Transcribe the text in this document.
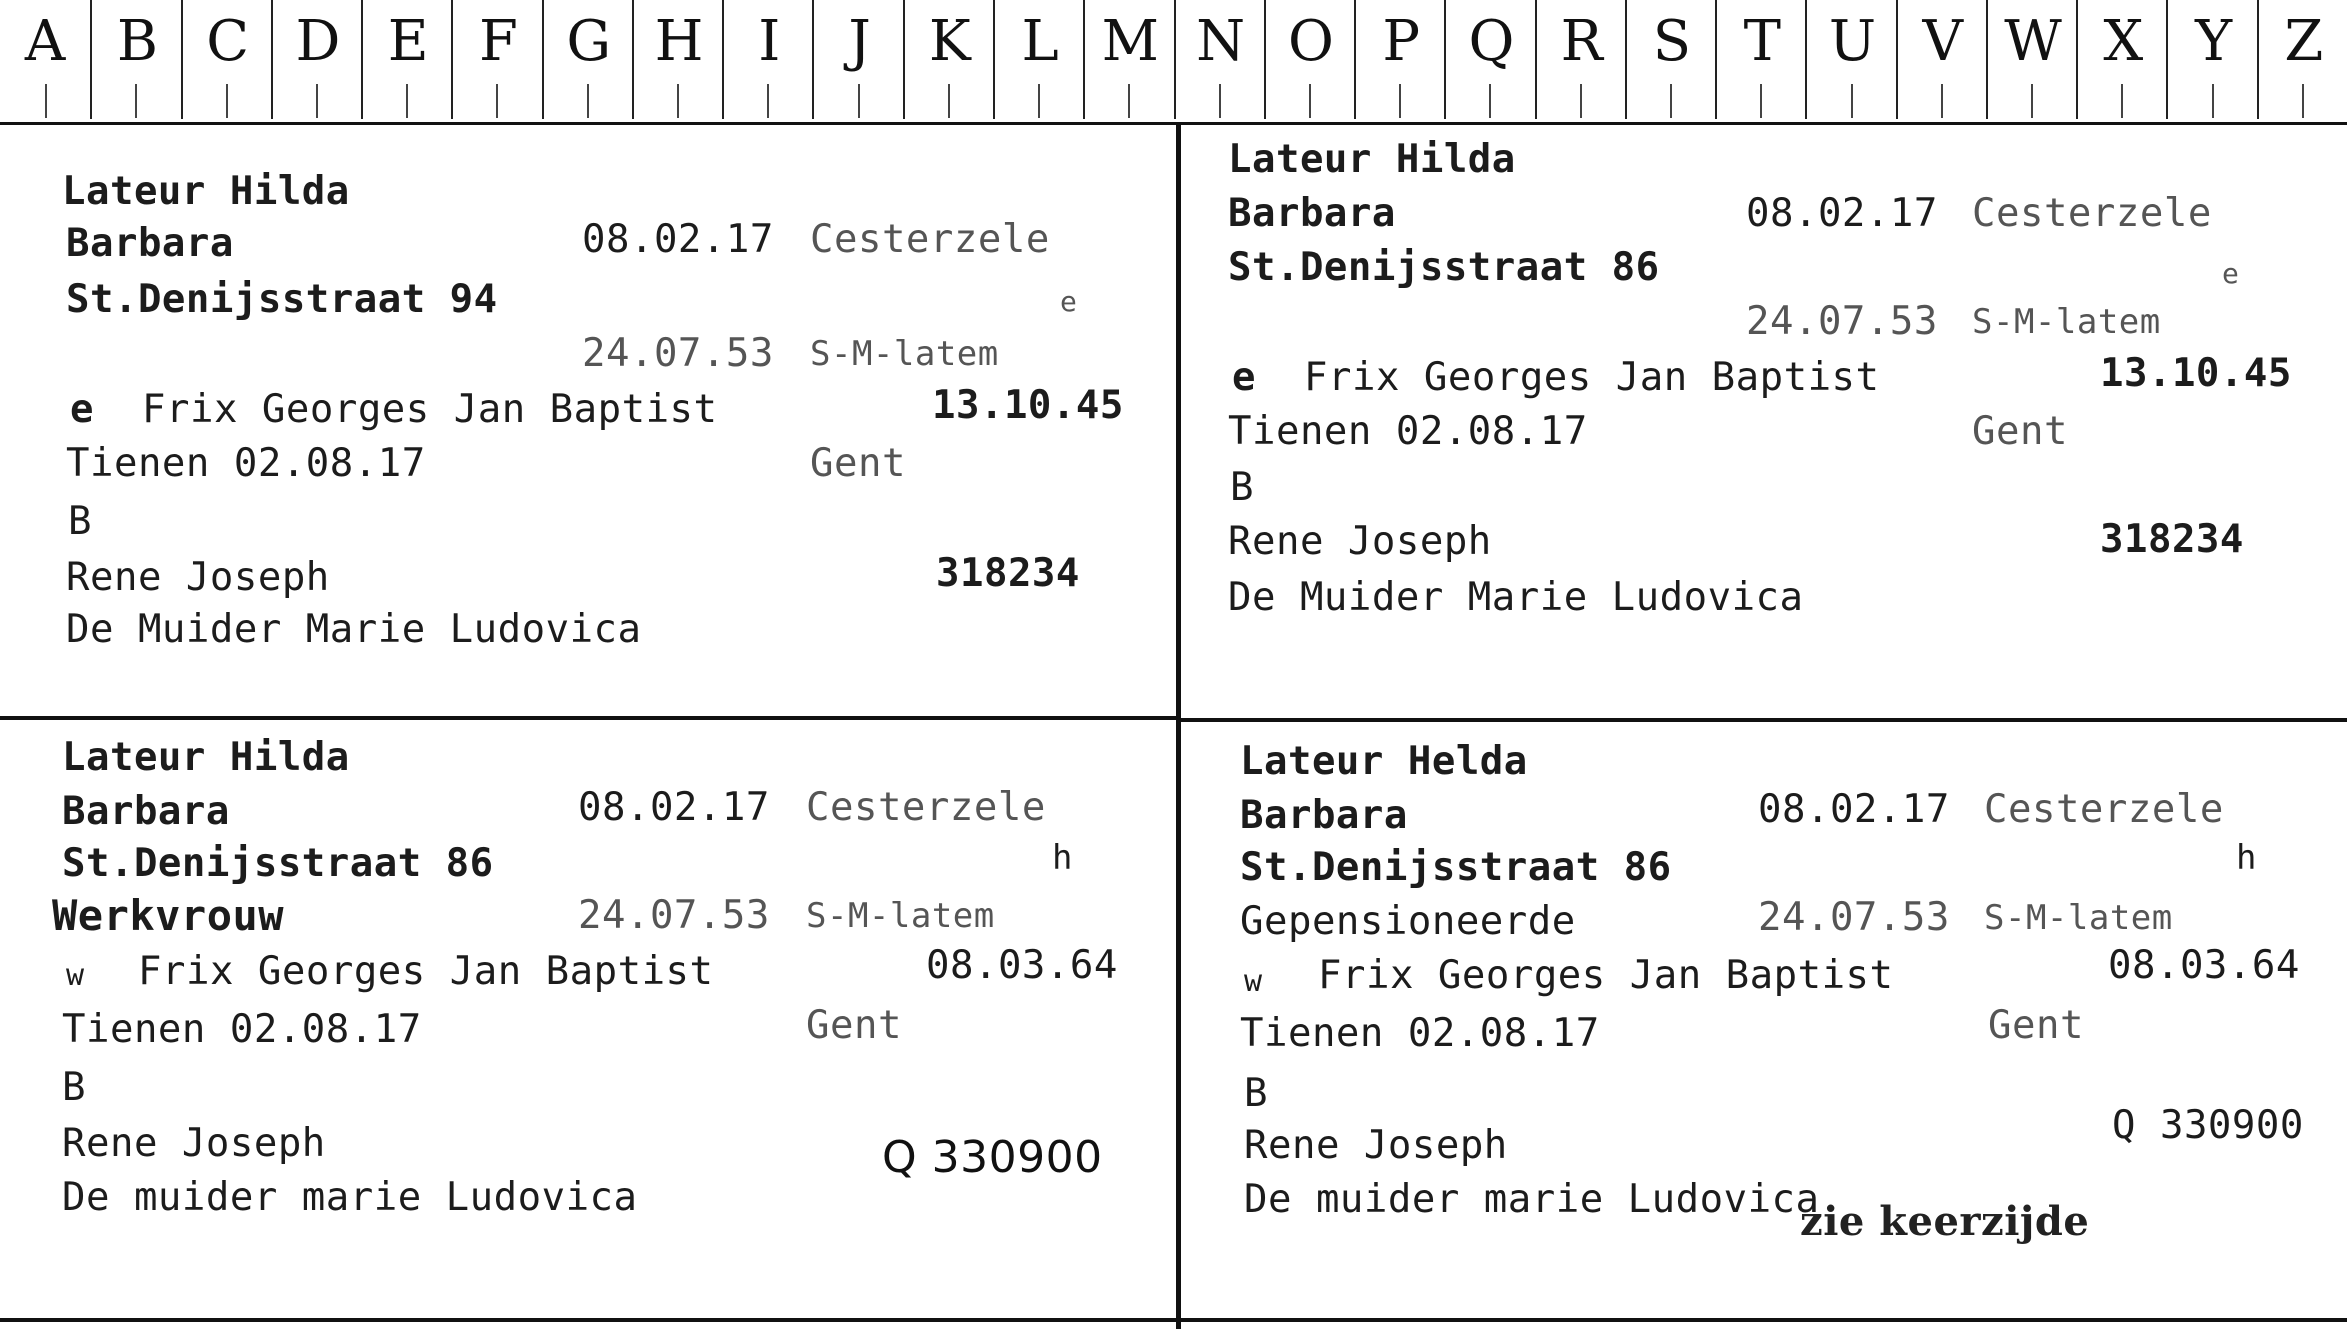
A B C D E F G H I	J	K L M N O P Q R S T U V W X Y Z
Lateur Hilda
Barbara	08.02.17 Cesterzele
St.Denijsstraat 94	e
24.07.53 S-M-latem
e Frix Georges Jan Baptist	13.10.45
Tienen 02.08.17	Gent
B
Rene Joseph	318234
De Muider Marie Ludovica
Lateur Hilda
Barbara	08.02.17 Cesterzele
St.Denijsstraat 86	e
24.07.53 S-M-latem
e Frix Georges Jan Baptist	13.10.45
Tienen 02.08.17	Gent
B
Rene Joseph	318234
De Muider Marie Ludovica
Lateur Hilda
Barbara	08.02.17 Cesterzele
St.Denijsstraat 86	h
Werkvrouw	24.07.53 S-M-latem
w Frix Georges Jan Baptist	08.03.64
Tienen 02.08.17	Gent
B
Rene Joseph	Q 330900
De muider marie Ludovica
Lateur Helda
Barbara	08.02.17 Cesterzele
St.Denijsstraat 86	h
Gepensioneerde	24.07.53 S-M-latem
w Frix Georges Jan Baptist	08.03.64
Tienen 02.08.17	Gent
B
Rene Joseph	Q 330900
De muider marie Ludovica
zie keerzijde
